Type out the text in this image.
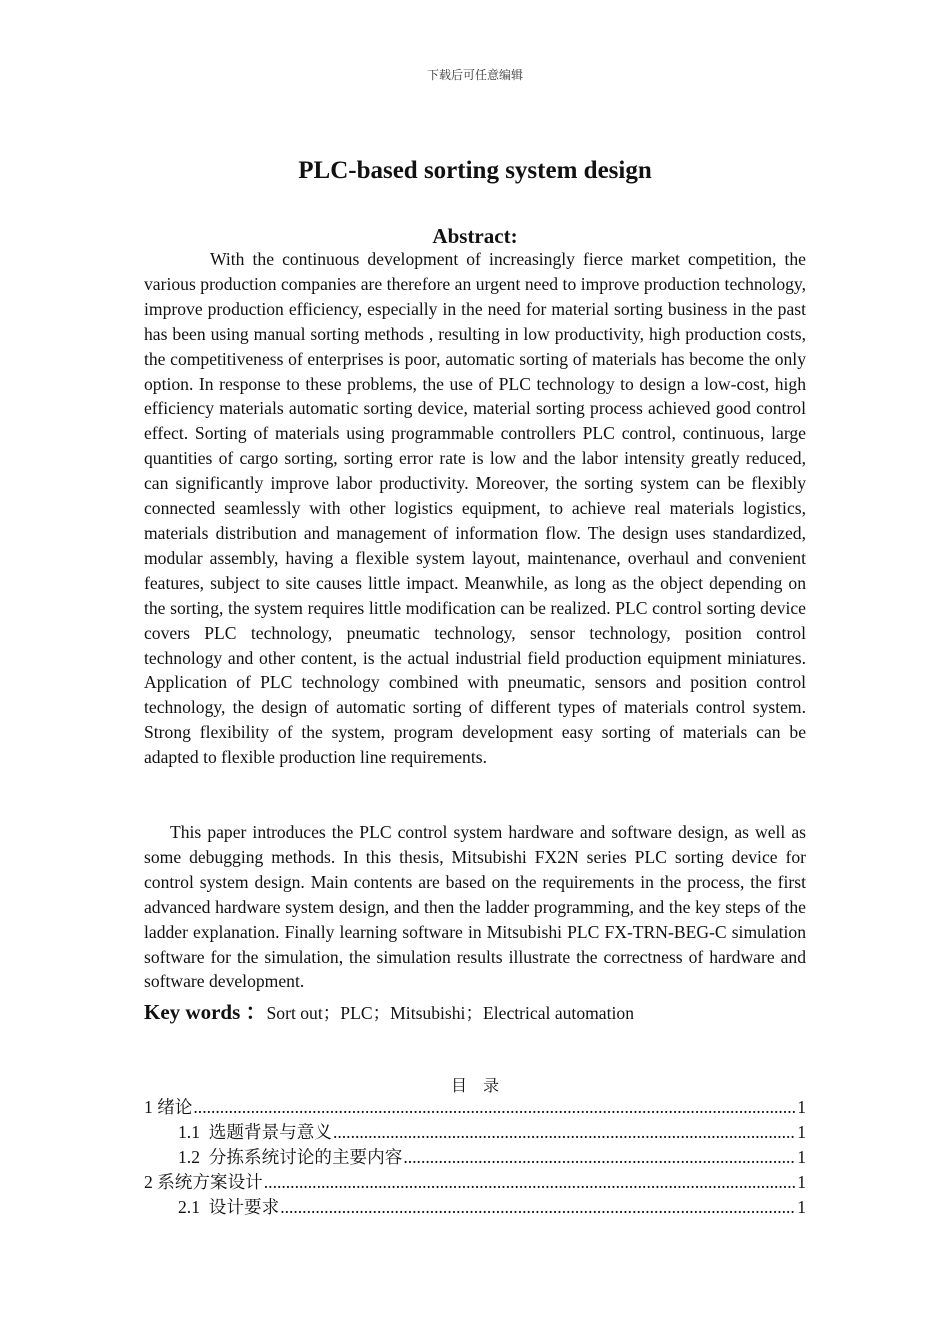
下载后可任意编辑
PLC-based sorting system design
Abstract:

With the continuous development of increasingly fierce market competition, the various production companies are therefore an urgent need to improve production technology, improve production efficiency, especially in the need for material sorting business in the past has been using manual sorting methods , resulting in low productivity, high production costs, the competitiveness of enterprises is poor, automatic sorting of materials has become the only option. In response to these problems, the use of PLC technology to design a low-cost, high efficiency materials automatic sorting device, material sorting process achieved good control effect. Sorting of materials using programmable controllers PLC control, continuous, large quantities of cargo sorting, sorting error rate is low and the labor intensity greatly reduced, can significantly improve labor productivity. Moreover, the sorting system can be flexibly connected seamlessly with other logistics equipment, to achieve real materials logistics, materials distribution and management of information flow. The design uses standardized, modular assembly, having a flexible system layout, maintenance, overhaul and convenient features, subject to site causes little impact. Meanwhile, as long as the object depending on the sorting, the system requires little modification can be realized. PLC control sorting device covers PLC technology, pneumatic technology, sensor technology, position control technology and other content, is the actual industrial field production equipment miniatures. Application of PLC technology combined with pneumatic, sensors and position control technology, the design of automatic sorting of different types of materials control system. Strong flexibility of the system, program development easy sorting of materials can be adapted to flexible production line requirements.

This paper introduces the PLC control system hardware and software design, as well as some debugging methods. In this thesis, Mitsubishi FX2N series PLC sorting device for control system design. Main contents are based on the requirements in the process, the first advanced hardware system design, and then the ladder programming, and the key steps of the ladder explanation. Finally learning software in Mitsubishi PLC FX-TRN-BEG-C simulation software for the simulation, the simulation results illustrate the correctness of hardware and software development.

Key words ：Sort out；PLC；Mitsubishi；Electrical automation
目　录
1 绪论 .....	1
1.1 选题背景与意义 .....	1
1.2 分拣系统讨论的主要内容 .....	1
2 系统方案设计 .....	1
2.1 设计要求 .....	1
